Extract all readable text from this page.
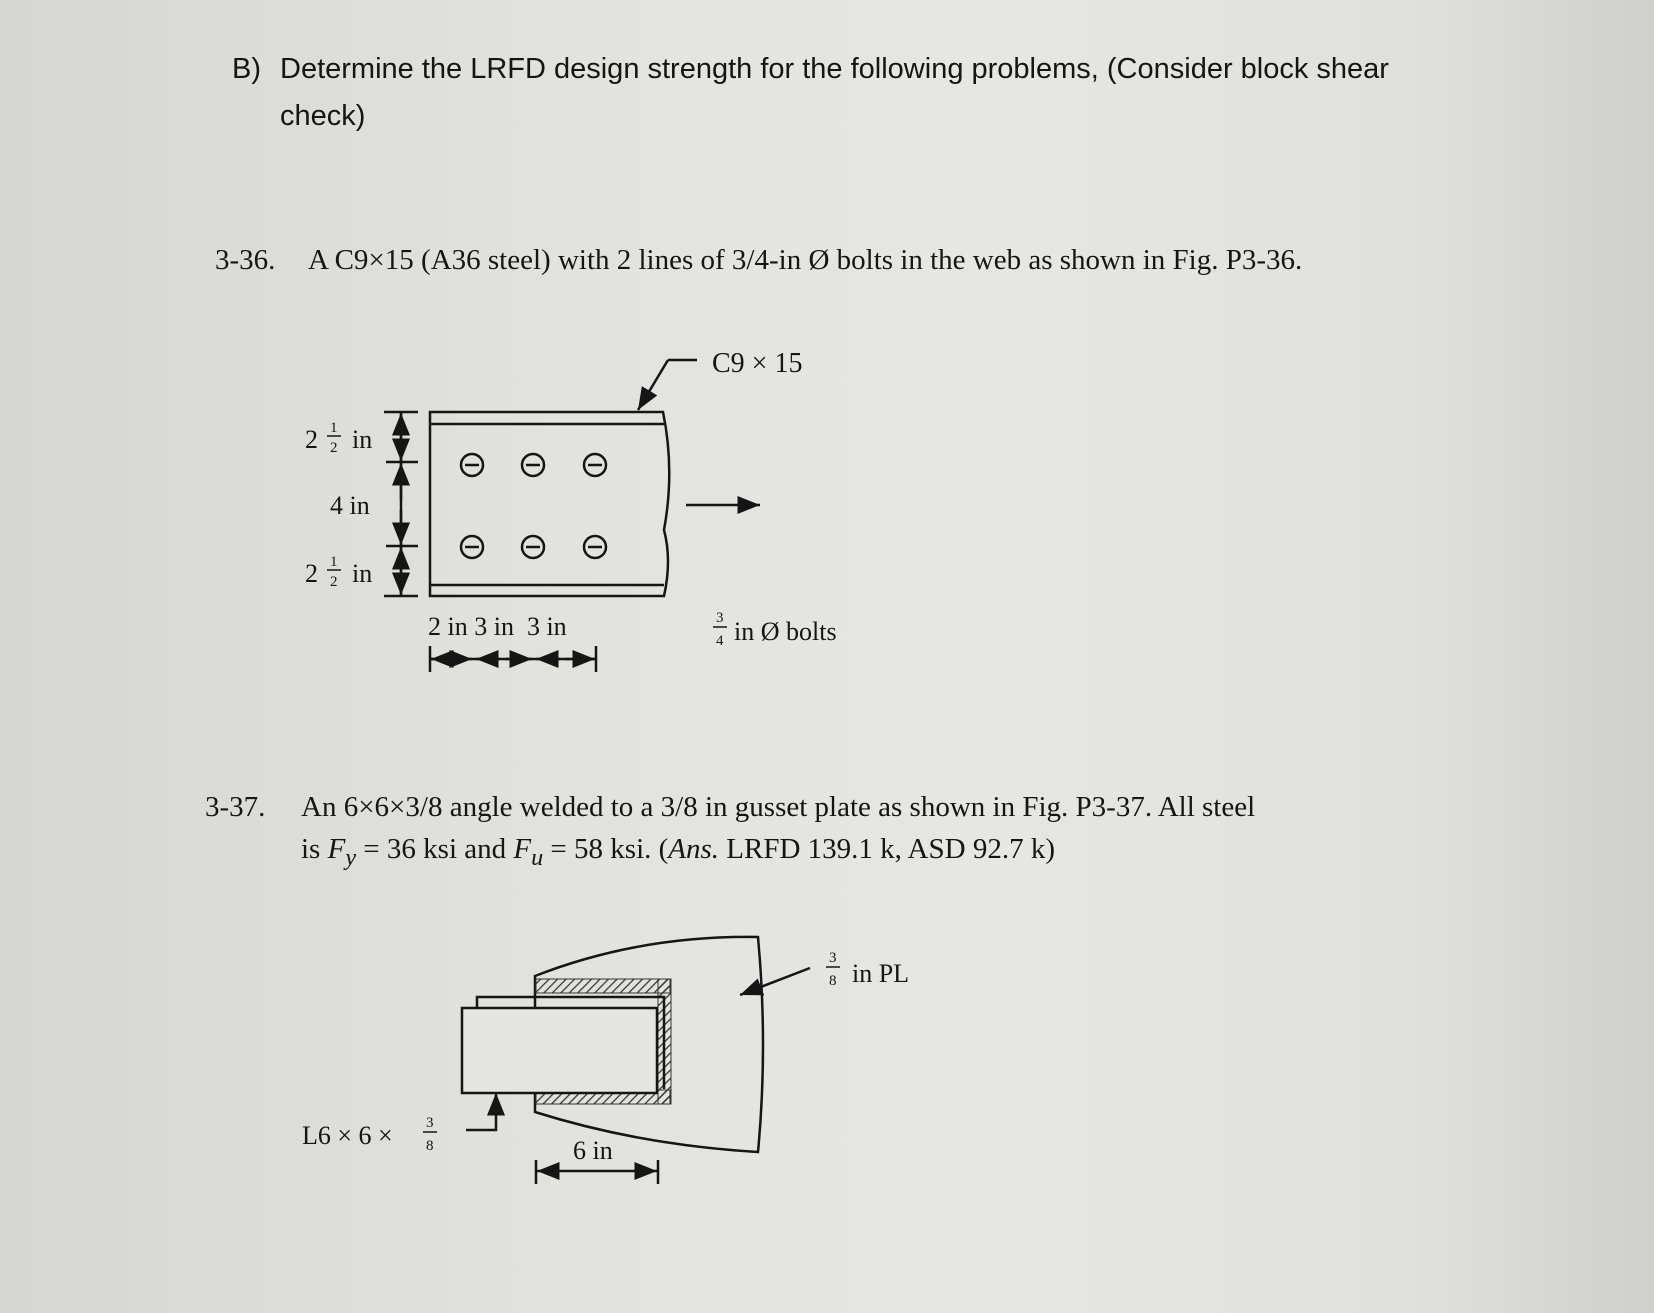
B) Determine the LRFD design strength for the following problems, (Consider block shear
check)
3-36. A C9×15 (A36 steel) with 2 lines of 3/4-in Ø bolts in the web as shown in Fig. P3-36.
C9 × 15
2 1
2 in
4 in
2 1
2 in
2 in 3 in  3 in	3
4 in Ø bolts
3
8 in PL
L6 × 6 × 3
8	6 in
3-37. An 6×6×3/8 angle welded to a 3/8 in gusset plate as shown in Fig. P3-37. All steel
is $F_y = 36$ ksi and $F_u = 58$ ksi. (Ans. LRFD 139.1 k, ASD 92.7 k)
